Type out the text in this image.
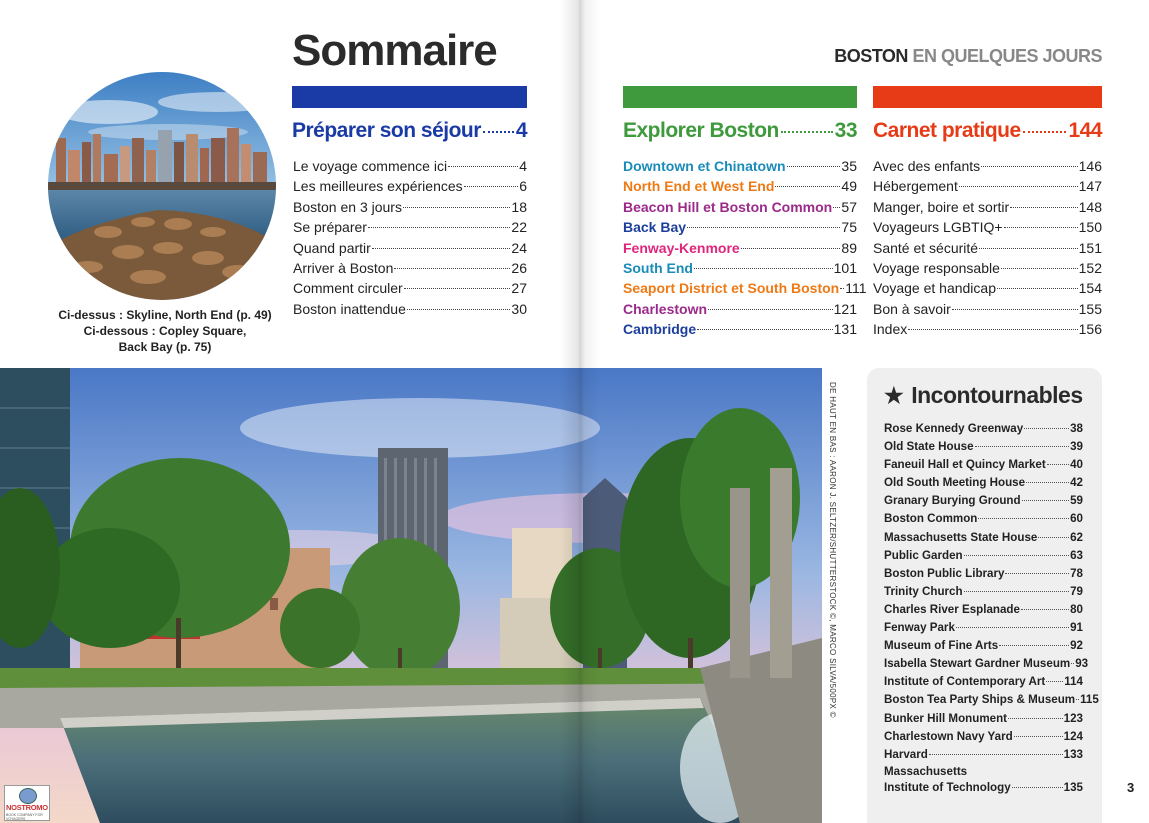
Ci-dessus : Skyline, North End (p. 49)
Ci-dessous : Copley Square,
Back Bay (p. 75)
Sommaire	BOSTON EN QUELQUES JOURS
Préparer son séjour 4	Explorer Boston	33 Carnet pratique 144
Le voyage commence ici	4
Les meilleures expériences	6
Boston en 3 jours	18
Se préparer	22
Quand partir	24
Arriver à Boston	26
Comment circuler	27
Boston inattendue	30
Downtown et Chinatown	35
North End et West End	49
Beacon Hill et Boston Common 57
Back Bay	75
Fenway-Kenmore	89
South End	101
Seaport District et South Boston 111
Charlestown	121
Cambridge	131
Avec des enfants	146
Hébergement	147
Manger, boire et sortir	148
Voyageurs LGBTIQ+	150
Santé et sécurité	151
Voyage responsable	152
Voyage et handicap	154
Bon à savoir	155
Index	156
DE HAUT EN BAS : AARON J. SELTZER/SHUTTERSTOCK ©, MARCO SILVA/500PX © ★ Incontournables
Rose Kennedy Greenway	38
Old State House	39
Faneuil Hall et Quincy Market 40
Old South Meeting House	42
Granary Burying Ground	59
Boston Common	60
Massachusetts State House	62
Public Garden	63
Boston Public Library	78
Trinity Church	79
Charles River Esplanade	80
Fenway Park	91
Museum of Fine Arts	92
Isabella Stewart Gardner Museum 93
Institute of Contemporary Art 114
Boston Tea Party Ships & Museum 115
Bunker Hill Monument	123
Charlestown Navy Yard	124
Harvard	133
Massachusetts
Institute of Technology	135	3
NOSTROMO
BOOK COMPANY FOR VOYAGERS
